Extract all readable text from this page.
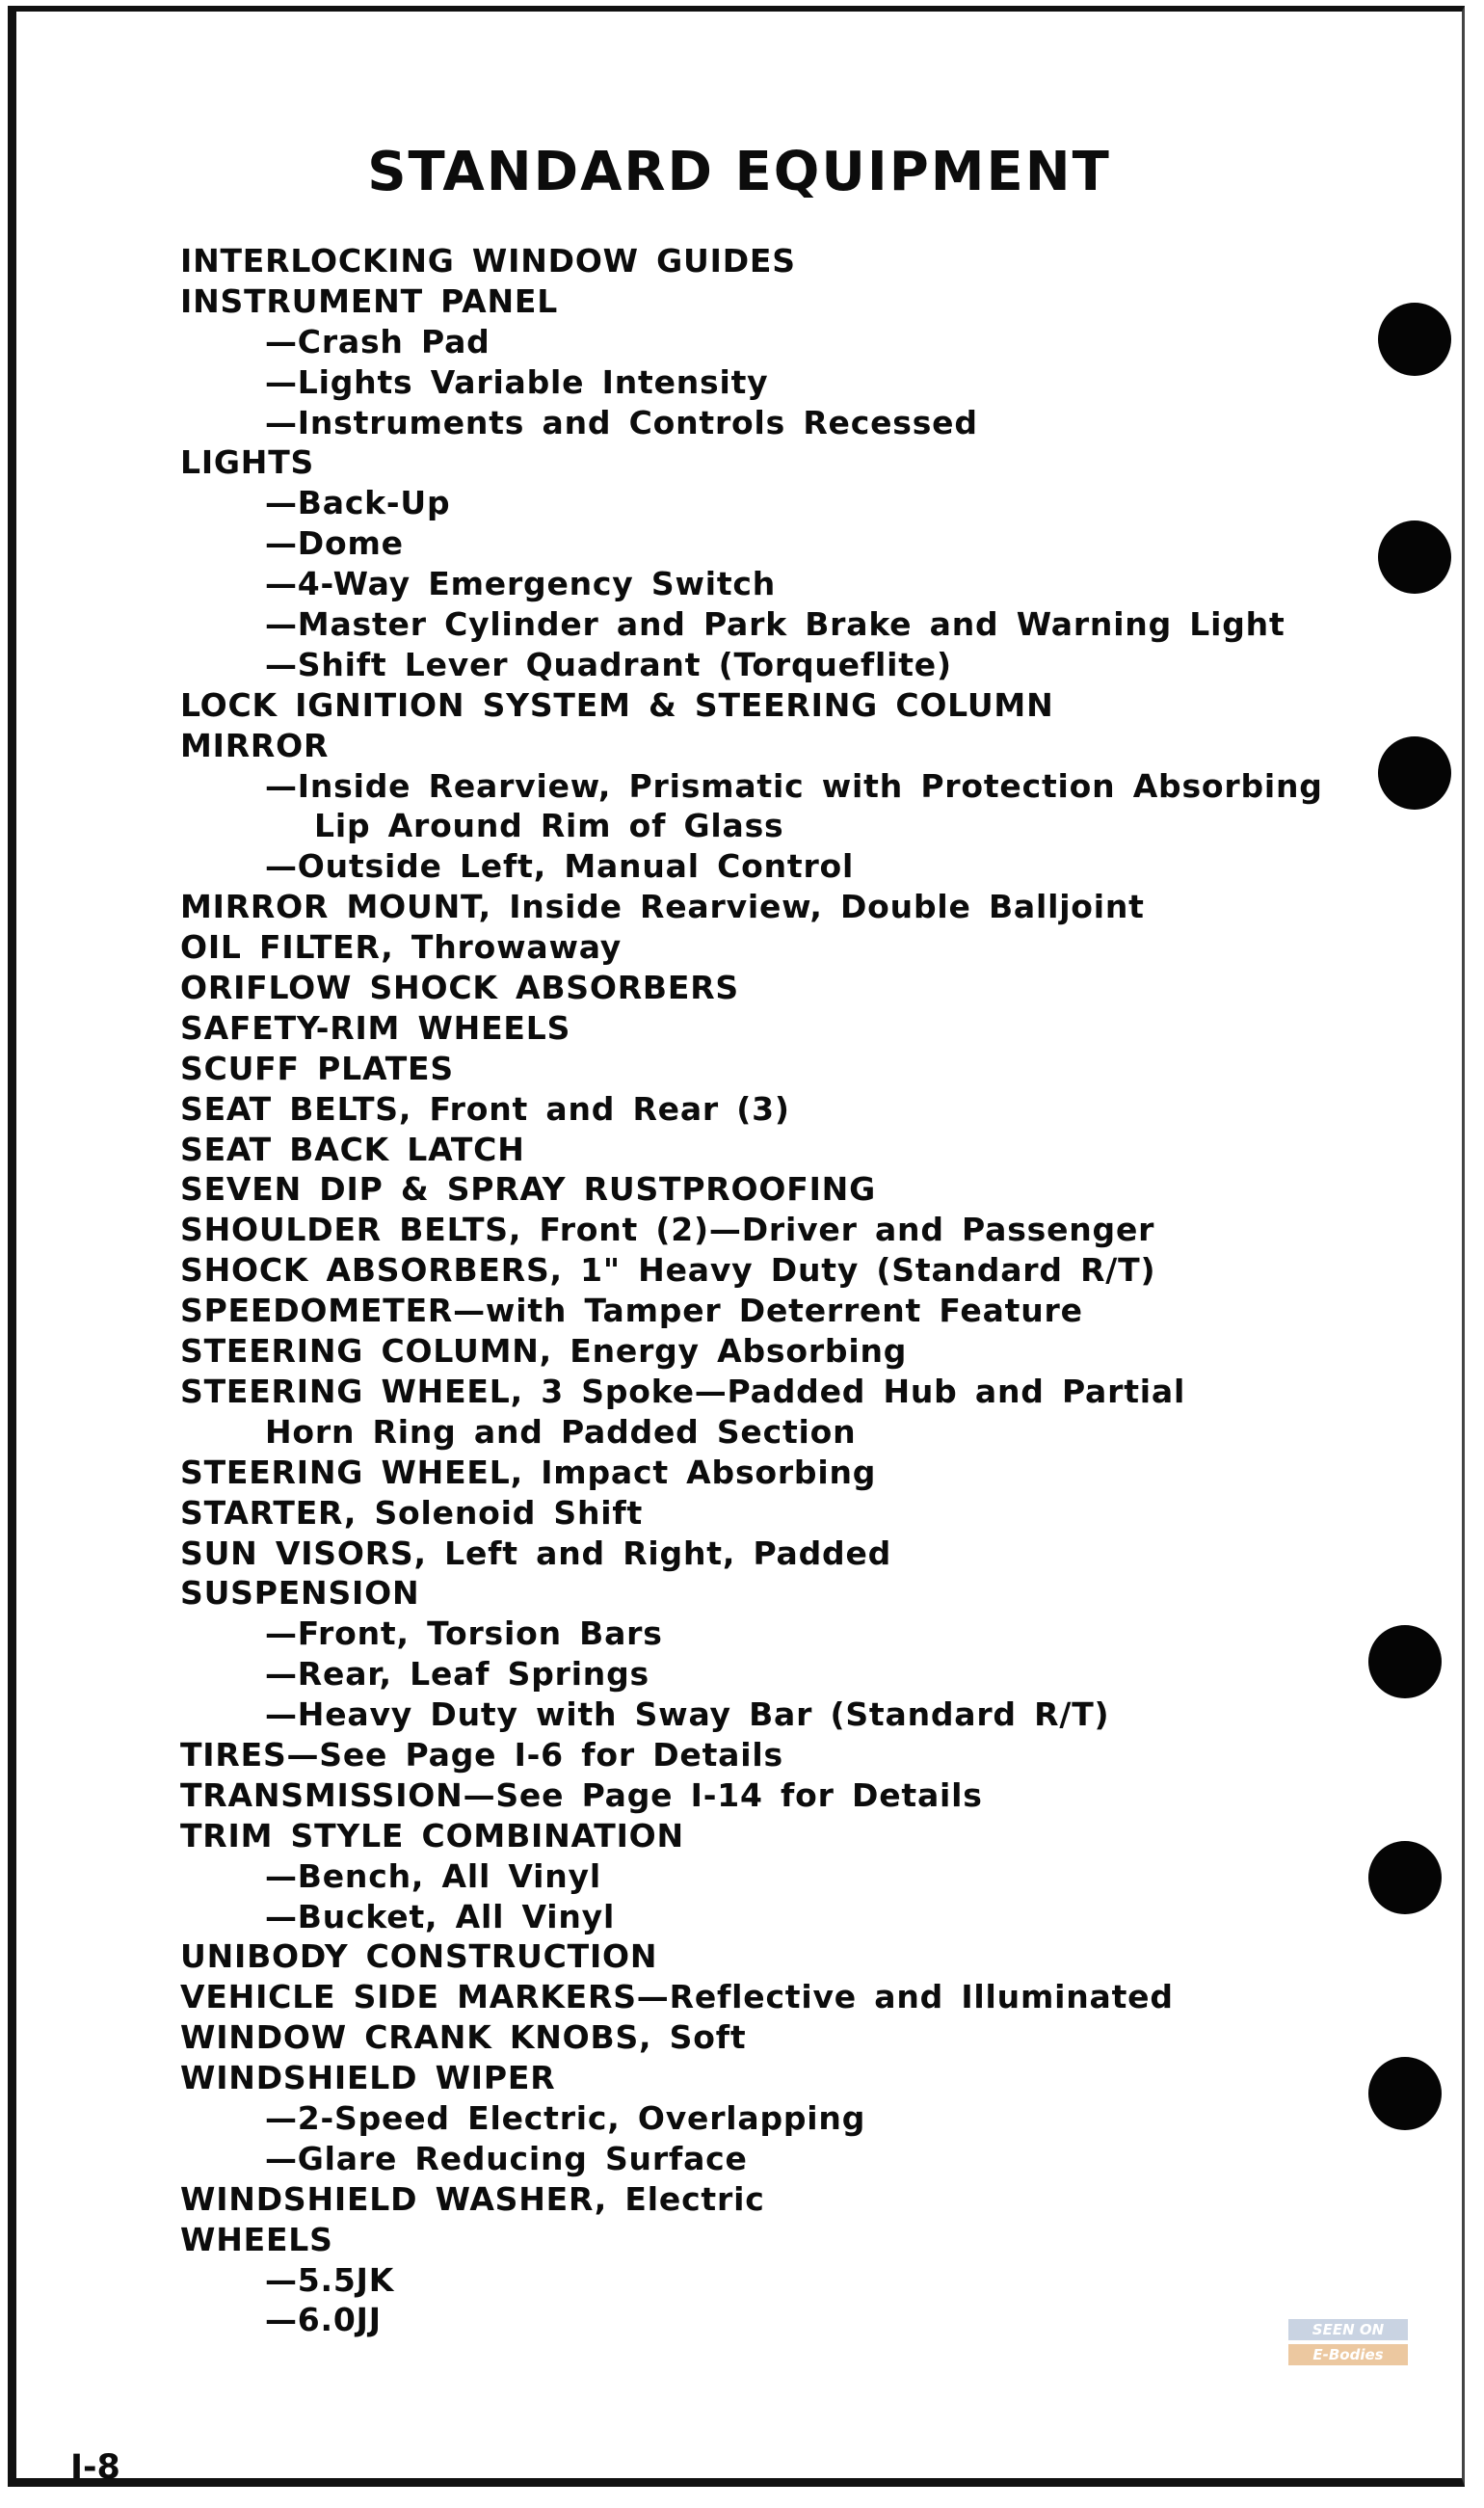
STANDARD EQUIPMENT
INTERLOCKING WINDOW GUIDES
INSTRUMENT PANEL
—Crash Pad
—Lights Variable Intensity
—Instruments and Controls Recessed
LIGHTS
—Back-Up
—Dome
—4-Way Emergency Switch
—Master Cylinder and Park Brake and Warning Light
—Shift Lever Quadrant (Torqueflite)
LOCK IGNITION SYSTEM & STEERING COLUMN
MIRROR
—Inside Rearview, Prismatic with Protection Absorbing
Lip Around Rim of Glass
—Outside Left, Manual Control
MIRROR MOUNT, Inside Rearview, Double Balljoint
OIL FILTER, Throwaway
ORIFLOW SHOCK ABSORBERS
SAFETY-RIM WHEELS
SCUFF PLATES
SEAT BELTS, Front and Rear (3)
SEAT BACK LATCH
SEVEN DIP & SPRAY RUSTPROOFING
SHOULDER BELTS, Front (2)—Driver and Passenger
SHOCK ABSORBERS, 1" Heavy Duty (Standard R/T)
SPEEDOMETER—with Tamper Deterrent Feature
STEERING COLUMN, Energy Absorbing
STEERING WHEEL, 3 Spoke—Padded Hub and Partial
Horn Ring and Padded Section
STEERING WHEEL, Impact Absorbing
STARTER, Solenoid Shift
SUN VISORS, Left and Right, Padded
SUSPENSION
—Front, Torsion Bars
—Rear, Leaf Springs
—Heavy Duty with Sway Bar (Standard R/T)
TIRES—See Page I-6 for Details
TRANSMISSION—See Page I-14 for Details
TRIM STYLE COMBINATION
—Bench, All Vinyl
—Bucket, All Vinyl
UNIBODY CONSTRUCTION
VEHICLE SIDE MARKERS—Reflective and Illuminated
WINDOW CRANK KNOBS, Soft
WINDSHIELD WIPER
—2-Speed Electric, Overlapping
—Glare Reducing Surface
WINDSHIELD WASHER, Electric
WHEELS
—5.5JK
—6.0JJ	SEEN ON
E-Bodies
I-8
